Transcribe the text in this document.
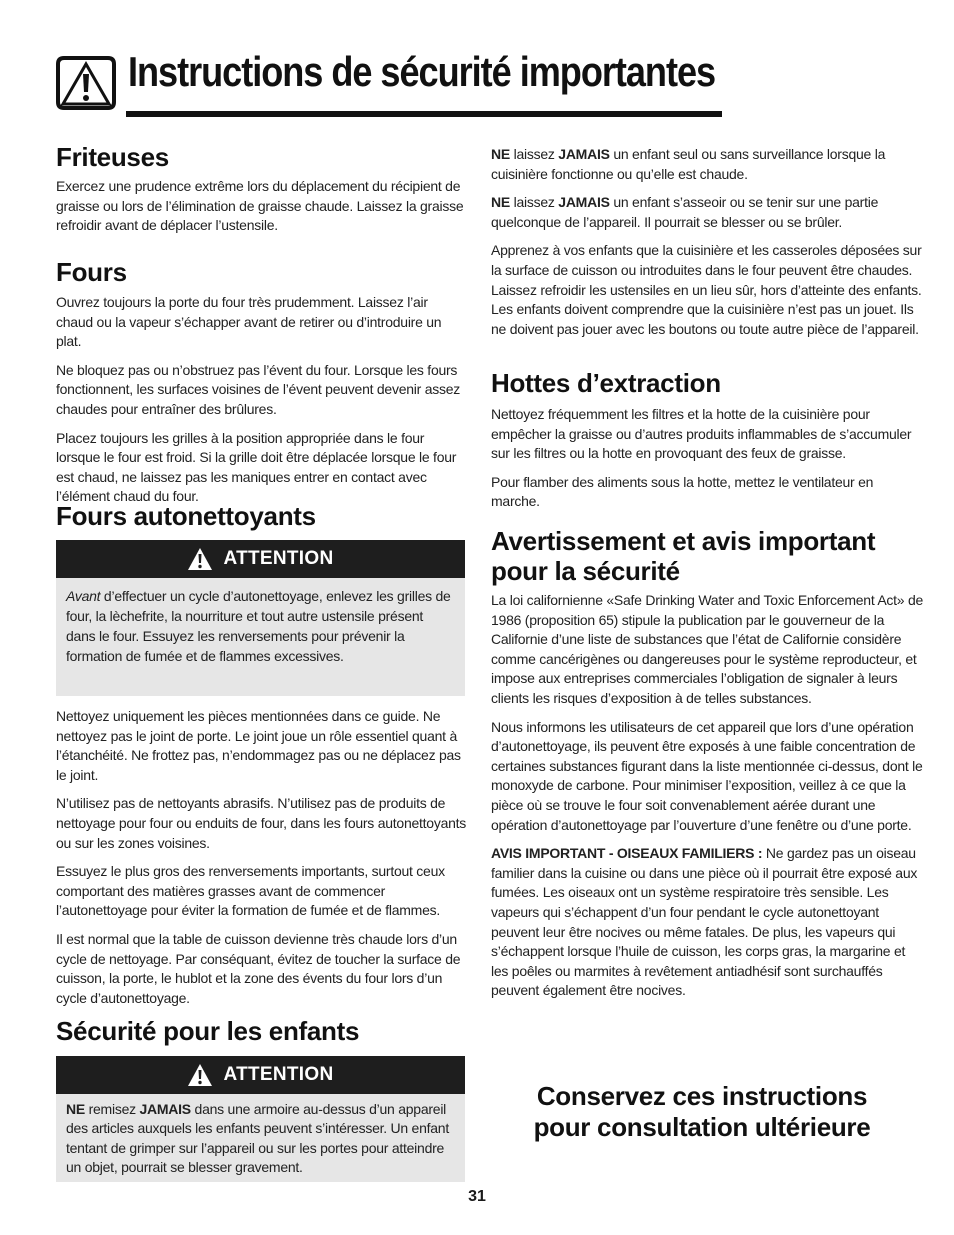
Instructions de sécurité importantes
Friteuses

Exercez une prudence extrême lors du déplacement du récipient de graisse ou lors de l’élimination de graisse chaude. Laissez la graisse refroidir avant de déplacer l’ustensile.

Fours

Ouvrez toujours la porte du four très prudemment. Laissez l’air chaud ou la vapeur s’échapper avant de retirer ou d’introduire un plat.

Ne bloquez pas ou n’obstruez pas l’évent du four. Lorsque les fours fonctionnent, les surfaces voisines de l’évent peuvent devenir assez chaudes pour entraîner des brûlures.

Placez toujours les grilles à la position appropriée dans le four lorsque le four est froid. Si la grille doit être déplacée lorsque le four est chaud, ne laissez pas les maniques entrer en contact avec l’élément chaud du four.

Fours autonettoyants
ATTENTION

Avant d’effectuer un cycle d’autonettoyage, enlevez les grilles de four, la lèchefrite, la nourriture et tout autre ustensile présent dans le four. Essuyez les renversements pour prévenir la formation de fumée et de flammes excessives.

Nettoyez uniquement les pièces mentionnées dans ce guide. Ne nettoyez pas le joint de porte. Le joint joue un rôle essentiel quant à l’étanchéité. Ne frottez pas, n’endommagez pas ou ne déplacez pas le joint.

N’utilisez pas de nettoyants abrasifs. N’utilisez pas de produits de nettoyage pour four ou enduits de four, dans les fours autonettoyants ou sur les zones voisines.

Essuyez le plus gros des renversements importants, surtout ceux comportant des matières grasses avant de commencer l’autonettoyage pour éviter la formation de fumée et de flammes.

Il est normal que la table de cuisson devienne très chaude lors d’un cycle de nettoyage. Par conséquant, évitez de toucher la surface de cuisson, la porte, le hublot et la zone des évents du four lors d’un cycle d’autonettoyage.

Sécurité pour les enfants
ATTENTION

NE remisez JAMAIS dans une armoire au-dessus d’un appareil des articles auxquels les enfants peuvent s’intéresser. Un enfant tentant de grimper sur l’appareil ou sur les portes pour atteindre un objet, pourrait se blesser gravement.

NE laissez JAMAIS un enfant seul ou sans surveillance lorsque la cuisinière fonctionne ou qu’elle est chaude.

NE laissez JAMAIS un enfant s’asseoir ou se tenir sur une partie quelconque de l’appareil. Il pourrait se blesser ou se brûler.

Apprenez à vos enfants que la cuisinière et les casseroles déposées sur la surface de cuisson ou introduites dans le four peuvent être chaudes. Laissez refroidir les ustensiles en un lieu sûr, hors d’atteinte des enfants. Les enfants doivent comprendre que la cuisinière n’est pas un jouet. Ils ne doivent pas jouer avec les boutons ou toute autre pièce de l’appareil.

Hottes d’extraction

Nettoyez fréquemment les filtres et la hotte de la cuisinière pour empêcher la graisse ou d’autres produits inflammables de s’accumuler sur les filtres ou la hotte en provoquant des feux de graisse.

Pour flamber des aliments sous la hotte, mettez le ventilateur en marche.

Avertissement et avis important
pour la sécurité

La loi californienne «Safe Drinking Water and Toxic Enforcement Act» de 1986 (proposition 65) stipule la publication par le gouverneur de la Californie d’une liste de substances que l’état de Californie considère comme cancérigènes ou dangereuses pour le système reproducteur, et impose aux entreprises commerciales l’obligation de signaler à leurs clients les risques d’exposition à de telles substances.

Nous informons les utilisateurs de cet appareil que lors d’une opération d’autonettoyage, ils peuvent être exposés à une faible concentration de certaines substances figurant dans la liste mentionnée ci-dessus, dont le monoxyde de carbone. Pour minimiser l’exposition, veillez à ce que la pièce où se trouve le four soit convenablement aérée durant une opération d’autonettoyage par l’ouverture d’une fenêtre ou d’une porte.

AVIS IMPORTANT - OISEAUX FAMILIERS : Ne gardez pas un oiseau familier dans la cuisine ou dans une pièce où il pourrait être exposé aux fumées. Les oiseaux ont un système respiratoire très sensible. Les vapeurs qui s’échappent d’un four pendant le cycle autonettoyant peuvent leur être nocives ou même fatales. De plus, les vapeurs qui s’échappent lorsque l’huile de cuisson, les corps gras, la margarine et les poêles ou marmites à revêtement antiadhésif sont surchauffés peuvent également être nocives.

Conservez ces instructions
pour consultation ultérieure
31
